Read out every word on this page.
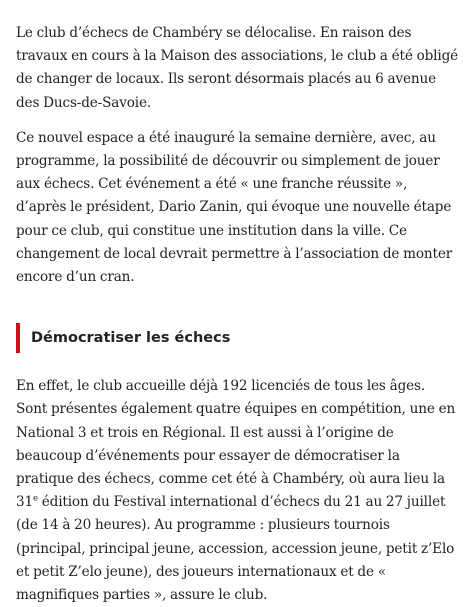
Le club d’échecs de Chambéry se délocalise. En raison des travaux en cours à la Maison des associations, le club a été obligé de changer de locaux. Ils seront désormais placés au 6 avenue des Ducs-de-Savoie.

Ce nouvel espace a été inauguré la semaine dernière, avec, au programme, la possibilité de découvrir ou simplement de jouer aux échecs. Cet événement a été « une franche réussite », d’après le président, Dario Zanin, qui évoque une nouvelle étape pour ce club, qui constitue une institution dans la ville. Ce changement de local devrait permettre à l’association de monter encore d’un cran.

Démocratiser les échecs

En effet, le club accueille déjà 192 licenciés de tous les âges. Sont présentes également quatre équipes en compétition, une en National 3 et trois en Régional. Il est aussi à l’origine de beaucoup d’événements pour essayer de démocratiser la pratique des échecs, comme cet été à Chambéry, où aura lieu la 31e édition du Festival international d’échecs du 21 au 27 juillet (de 14 à 20 heures). Au programme : plusieurs tournois (principal, principal jeune, accession, accession jeune, petit z’Elo et petit Z’elo jeune), des joueurs internationaux et de « magnifiques parties », assure le club.
